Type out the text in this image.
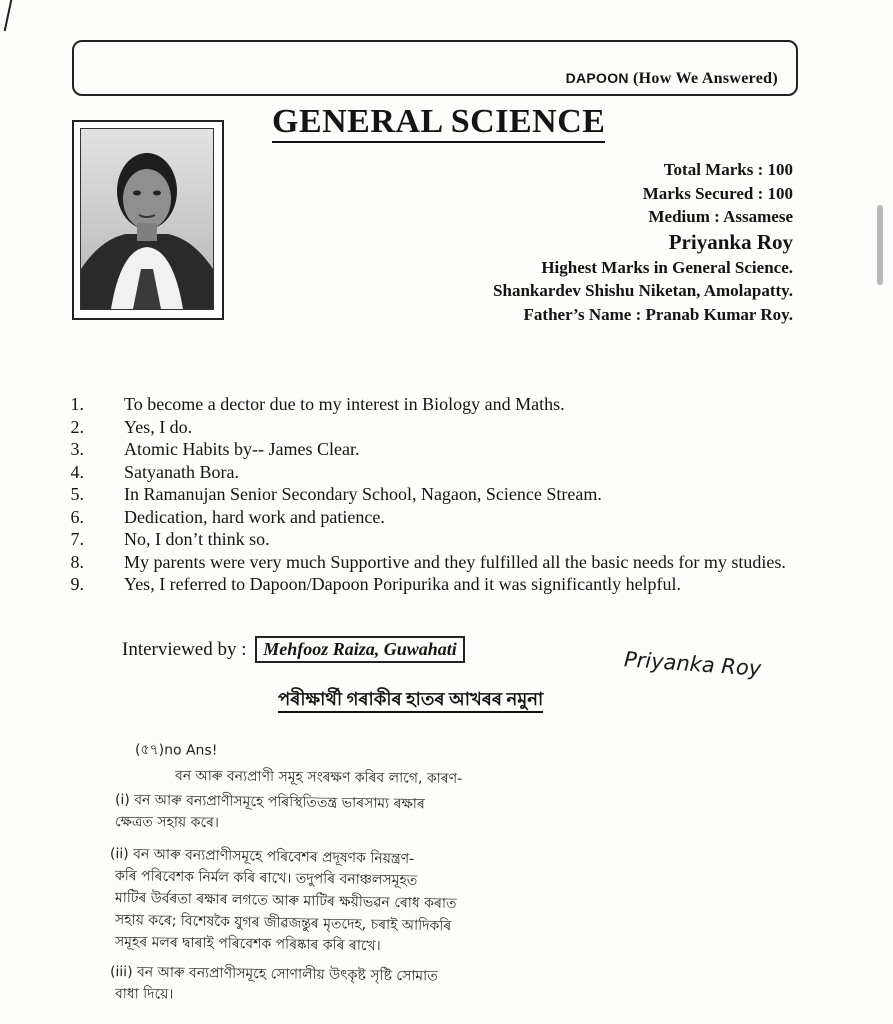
DAPOON (How We Answered)
GENERAL SCIENCE
Total Marks : 100
Marks Secured : 100
Medium : Assamese
Priyanka Roy
Highest Marks in General Science.
Shankardev Shishu Niketan, Amolapatty.
Father’s Name : Pranab Kumar Roy.
1. To become a dector due to my interest in Biology and Maths.
2. Yes, I do.
3. Atomic Habits by-- James Clear.
4. Satyanath Bora.
5. In Ramanujan Senior Secondary School, Nagaon, Science Stream.
6. Dedication, hard work and patience.
7. No, I don’t think so.
8. My parents were very much Supportive and they fulfilled all the basic needs for my studies.
9. Yes, I referred to Dapoon/Dapoon Poripurika and it was significantly helpful.
Interviewed by : Mehfooz Raiza, Guwahati	Priyanka Roy
পৰীক্ষাৰ্থী গৰাকীৰ হাতৰ আখৰৰ নমুনা
(৫৭)no Ans!
বন আৰু বন্যপ্ৰাণী সমূহ সংৰক্ষণ কৰিব লাগে, কাৰণ-
(i) বন আৰু বন্যপ্ৰাণীসমূহে পৰিস্থিতিতন্ত্ৰ ভাৰসাম্য ৰক্ষাৰ
ক্ষেত্ৰত সহায় কৰে।
(ii) বন আৰু বন্যপ্ৰাণীসমূহে পৰিবেশৰ প্ৰদূষণক নিয়ন্ত্ৰণ-
কৰি পৰিবেশক নিৰ্মল কৰি ৰাখে। তদুপৰি বনাঞ্চলসমূহত
মাটিৰ উৰ্বৰতা ৰক্ষাৰ লগতে আৰু মাটিৰ ক্ষয়ীভৱন ৰোধ কৰাত
সহায় কৰে; বিশেষকৈ যুগৰ জীৱজন্তুৰ মৃতদেহ, চৰাই আদিকৰি
সমূহৰ মলৰ দ্বাৰাই পৰিবেশক পৰিষ্কাৰ কৰি ৰাখে।
(iii) বন আৰু বন্যপ্ৰাণীসমূহে সোণালীয় উৎকৃষ্ট সৃষ্টি সোমাত
বাধা দিয়ে।
